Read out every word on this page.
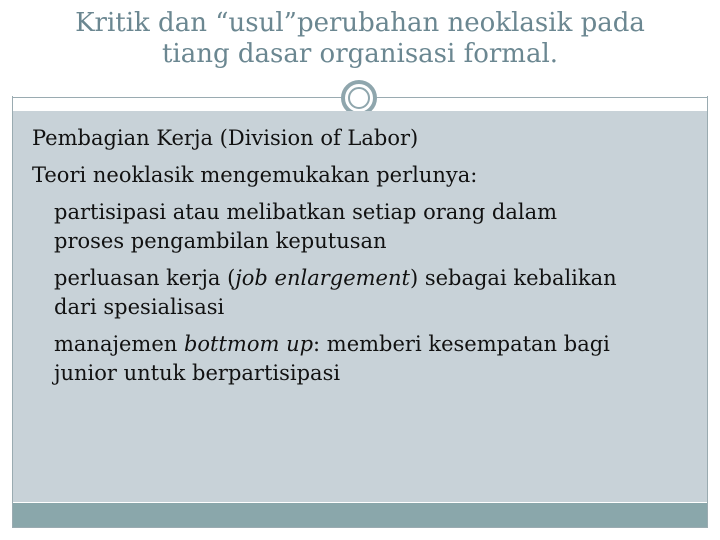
Kritik dan “usul”perubahan neoklasik pada
tiang dasar organisasi formal.

Pembagian Kerja (Division of Labor)

Teori neoklasik mengemukakan perlunya:

partisipasi atau melibatkan setiap orang dalam
proses pengambilan keputusan
perluasan kerja (job enlargement) sebagai kebalikan
dari spesialisasi
manajemen bottmom up: memberi kesempatan bagi
junior untuk berpartisipasi
